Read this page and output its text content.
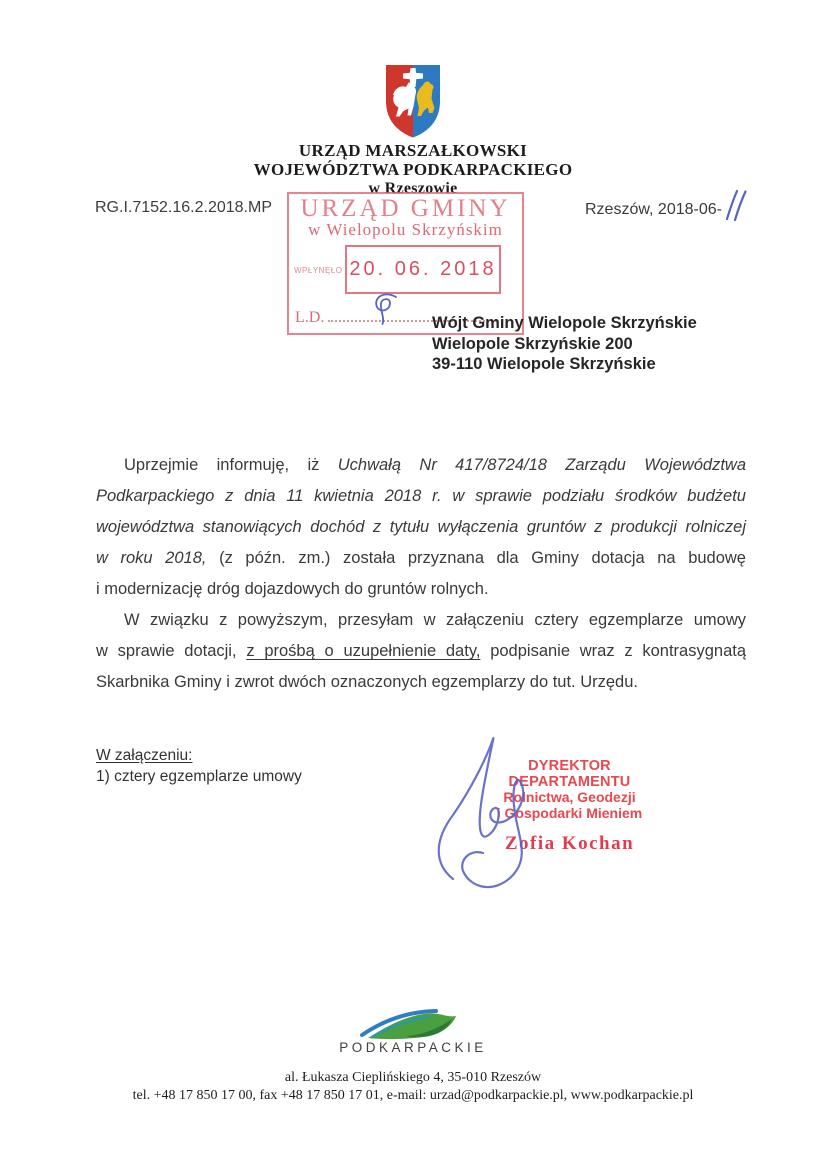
URZĄD MARSZAŁKOWSKI
WOJEWÓDZTWA PODKARPACKIEGO
w Rzeszowie
RG.I.7152.16.2.2018.MP	Rzeszów, 2018-06-
URZĄD GMINY
w Wielopolu Skrzyńskim
WPŁYNĘŁO 20. 06. 2018
L.D.	Wójt Gminy Wielopole Skrzyńskie
Wielopole Skrzyńskie 200
39-110 Wielopole Skrzyńskie
Uprzejmie informuję, iż Uchwałą Nr 417/8724/18 Zarządu Województwa
Podkarpackiego z dnia 11 kwietnia 2018 r. w sprawie podziału środków budżetu
województwa stanowiących dochód z tytułu wyłączenia gruntów z produkcji rolniczej
w roku 2018, (z późn. zm.) została przyznana dla Gminy dotacja na budowę
i modernizację dróg dojazdowych do gruntów rolnych.
W związku z powyższym, przesyłam w załączeniu cztery egzemplarze umowy
w sprawie dotacji, z prośbą o uzupełnienie daty, podpisanie wraz z kontrasygnatą
Skarbnika Gminy i zwrot dwóch oznaczonych egzemplarzy do tut. Urzędu.
W załączeniu:
1) cztery egzemplarze umowy
DYREKTOR DEPARTAMENTU
Rolnictwa, Geodezji
i Gospodarki Mieniem
Zofia Kochan
PODKARPACKIE
al. Łukasza Cieplińskiego 4, 35-010 Rzeszów
tel. +48 17 850 17 00, fax +48 17 850 17 01, e-mail: urzad@podkarpackie.pl, www.podkarpackie.pl
